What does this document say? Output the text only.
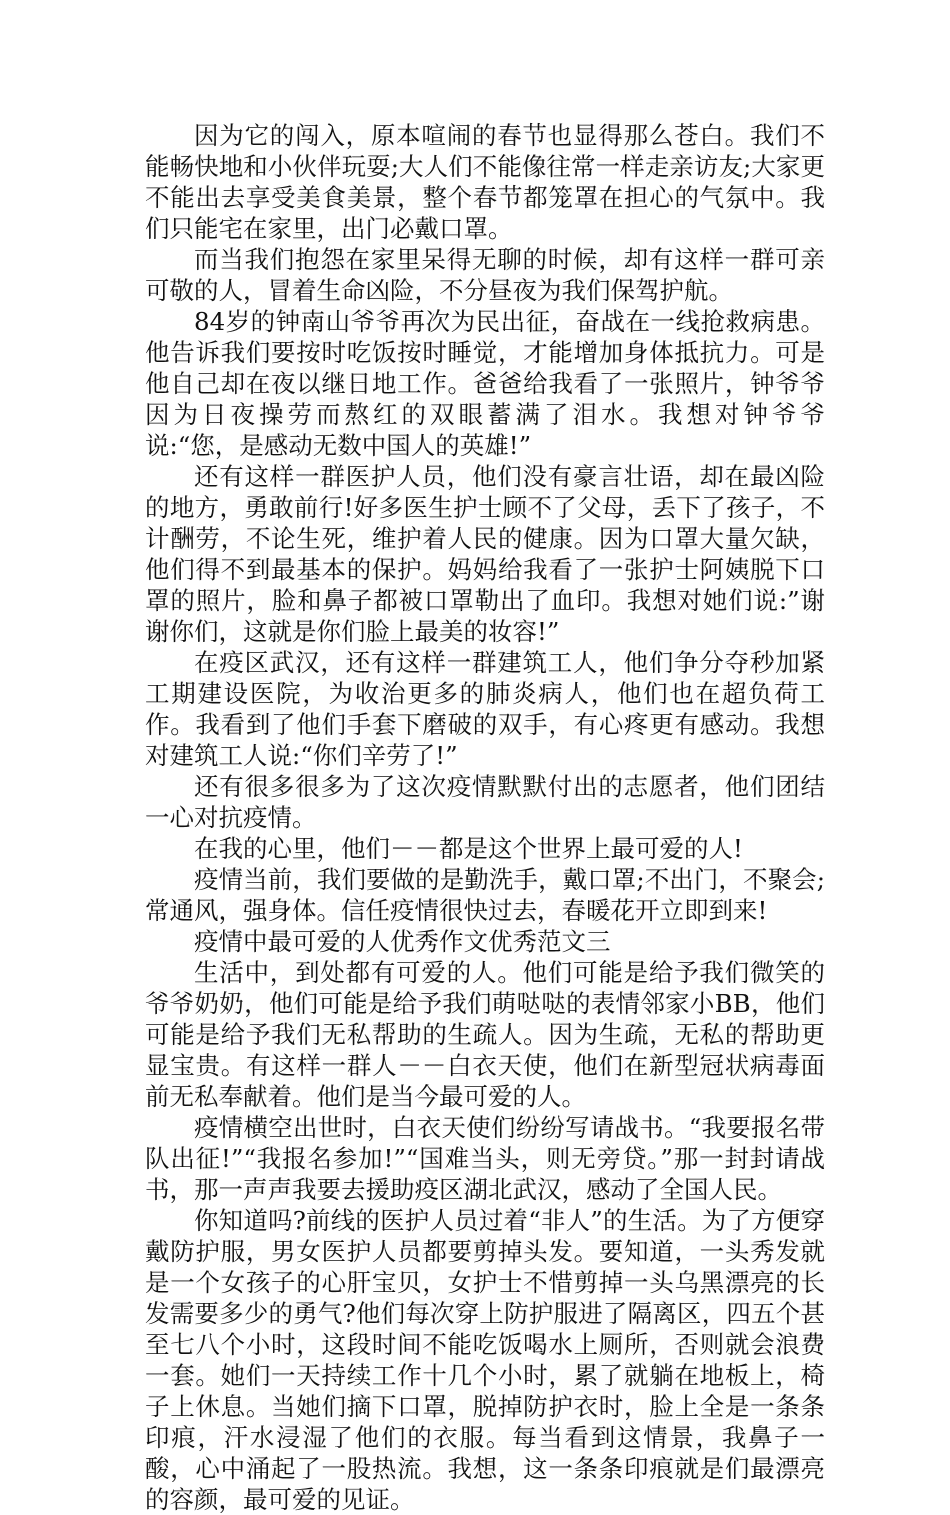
因为它的闯入，原本喧闹的春节也显得那么苍白。我们不能畅快地和小伙伴玩耍;大人们不能像往常一样走亲访友;大家更不能出去享受美食美景，整个春节都笼罩在担心的气氛中。我们只能宅在家里，出门必戴口罩。

而当我们抱怨在家里呆得无聊的时候，却有这样一群可亲可敬的人，冒着生命凶险，不分昼夜为我们保驾护航。

84岁的钟南山爷爷再次为民出征，奋战在一线抢救病患。他告诉我们要按时吃饭按时睡觉，才能增加身体抵抗力。可是他自己却在夜以继日地工作。爸爸给我看了一张照片，钟爷爷因为日夜操劳而熬红的双眼蓄满了泪水。我想对钟爷爷说:“您，是感动无数中国人的英雄!”

还有这样一群医护人员，他们没有豪言壮语，却在最凶险的地方，勇敢前行!好多医生护士顾不了父母，丢下了孩子，不计酬劳，不论生死，维护着人民的健康。因为口罩大量欠缺，他们得不到最基本的保护。妈妈给我看了一张护士阿姨脱下口罩的照片，脸和鼻子都被口罩勒出了血印。我想对她们说:”谢谢你们，这就是你们脸上最美的妆容!”

在疫区武汉，还有这样一群建筑工人，他们争分夺秒加紧工期建设医院，为收治更多的肺炎病人，他们也在超负荷工作。我看到了他们手套下磨破的双手，有心疼更有感动。我想对建筑工人说:“你们辛劳了!”

还有很多很多为了这次疫情默默付出的志愿者，他们团结一心对抗疫情。

在我的心里，他们－－都是这个世界上最可爱的人!

疫情当前，我们要做的是勤洗手，戴口罩;不出门，不聚会;常通风，强身体。信任疫情很快过去，春暖花开立即到来!

疫情中最可爱的人优秀作文优秀范文三

生活中，到处都有可爱的人。他们可能是给予我们微笑的爷爷奶奶，他们可能是给予我们萌哒哒的表情邻家小BB，他们可能是给予我们无私帮助的生疏人。因为生疏，无私的帮助更显宝贵。有这样一群人－－白衣天使，他们在新型冠状病毒面前无私奉献着。他们是当今最可爱的人。

疫情横空出世时，白衣天使们纷纷写请战书。“我要报名带队出征!”“我报名参加!”“国难当头，则无旁贷。”那一封封请战书，那一声声我要去援助疫区湖北武汉，感动了全国人民。

你知道吗?前线的医护人员过着“非人”的生活。为了方便穿戴防护服，男女医护人员都要剪掉头发。要知道，一头秀发就是一个女孩子的心肝宝贝，女护士不惜剪掉一头乌黑漂亮的长发需要多少的勇气?他们每次穿上防护服进了隔离区，四五个甚至七八个小时，这段时间不能吃饭喝水上厕所，否则就会浪费一套。她们一天持续工作十几个小时，累了就躺在地板上，椅子上休息。当她们摘下口罩，脱掉防护衣时，脸上全是一条条印痕，汗水浸湿了他们的衣服。每当看到这情景，我鼻子一酸，心中涌起了一股热流。我想，这一条条印痕就是们最漂亮的容颜，最可爱的见证。
